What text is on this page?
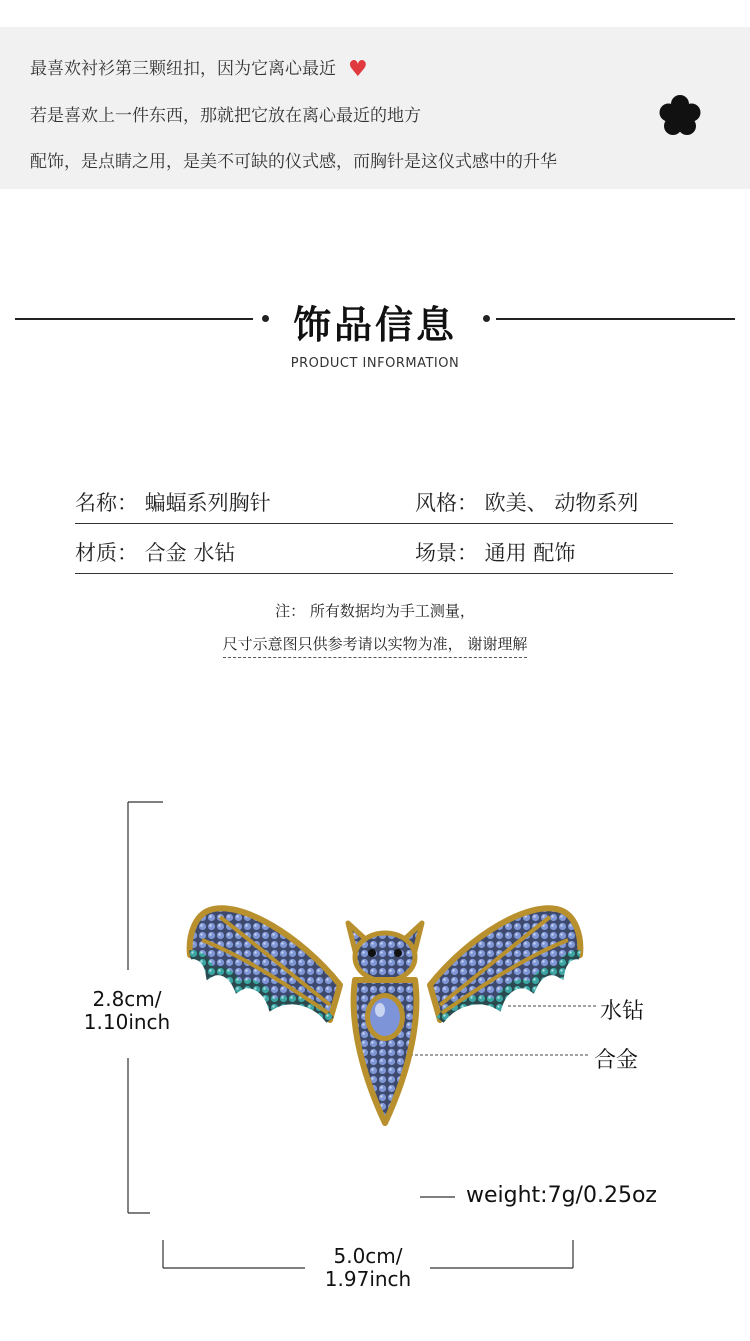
最喜欢衬衫第三颗纽扣，因为它离心最近 ♥
若是喜欢上一件东西，那就把它放在离心最近的地方
配饰，是点睛之用，是美不可缺的仪式感，而胸针是这仪式感中的升华
饰品信息
PRODUCT INFORMATION
名称： 蝙蝠系列胸针	风格： 欧美、 动物系列
材质： 合金 水钻	场景： 通用 配饰
注： 所有数据均为手工测量，
尺寸示意图只供参考请以实物为准， 谢谢理解
2.8cm/
1.10inch
5.0cm/
1.97inch
水钻
合金
weight:7g/0.25oz
